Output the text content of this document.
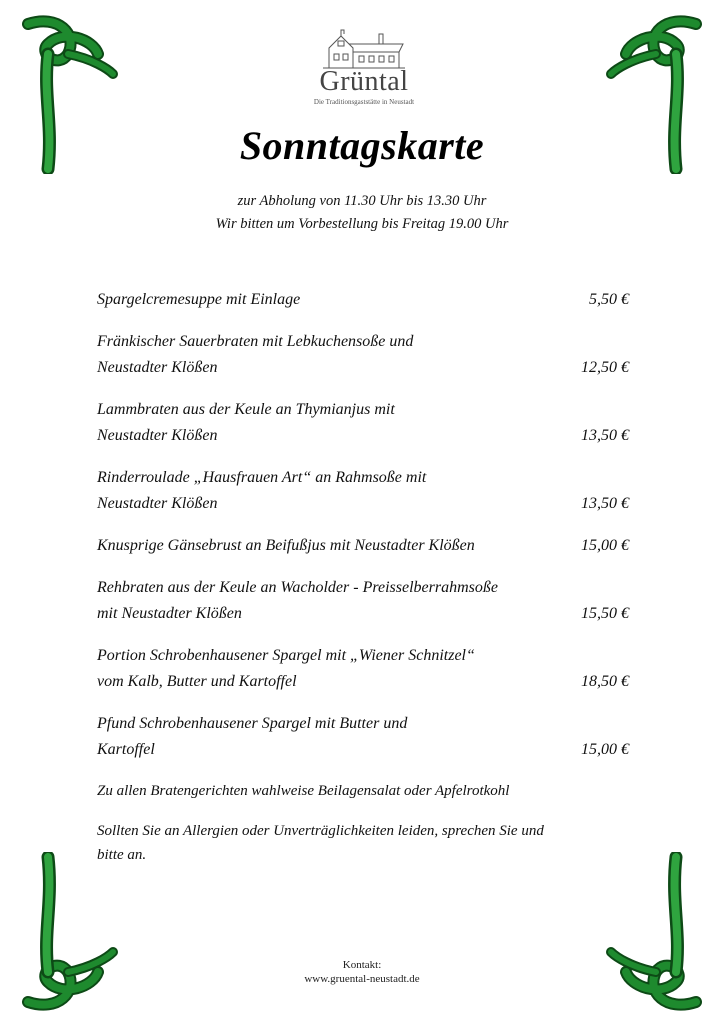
Grüntal
Die Traditionsgaststätte in Neustadt
Sonntagskarte
zur Abholung von 11.30 Uhr bis 13.30 Uhr
Wir bitten um Vorbestellung bis Freitag 19.00 Uhr
Spargelcremesuppe mit Einlage	5,50 €
Fränkischer Sauerbraten mit Lebkuchensoße und
Neustadter Klößen	12,50 €
Lammbraten aus der Keule an Thymianjus mit
Neustadter Klößen	13,50 €
Rinderroulade „Hausfrauen Art“ an Rahmsoße mit
Neustadter Klößen	13,50 €
Knusprige Gänsebrust an Beifußjus mit Neustadter Klößen	15,00 €
Rehbraten aus der Keule an Wacholder - Preisselberrahmsoße
mit Neustadter Klößen	15,50 €
Portion Schrobenhausener Spargel mit „Wiener Schnitzel“
vom Kalb, Butter und Kartoffel	18,50 €
Pfund Schrobenhausener Spargel mit Butter und
Kartoffel	15,00 €
Zu allen Bratengerichten wahlweise Beilagensalat oder Apfelrotkohl
Sollten Sie an Allergien oder Unverträglichkeiten leiden, sprechen Sie und bitte an.
Kontakt:
www.gruental-neustadt.de
